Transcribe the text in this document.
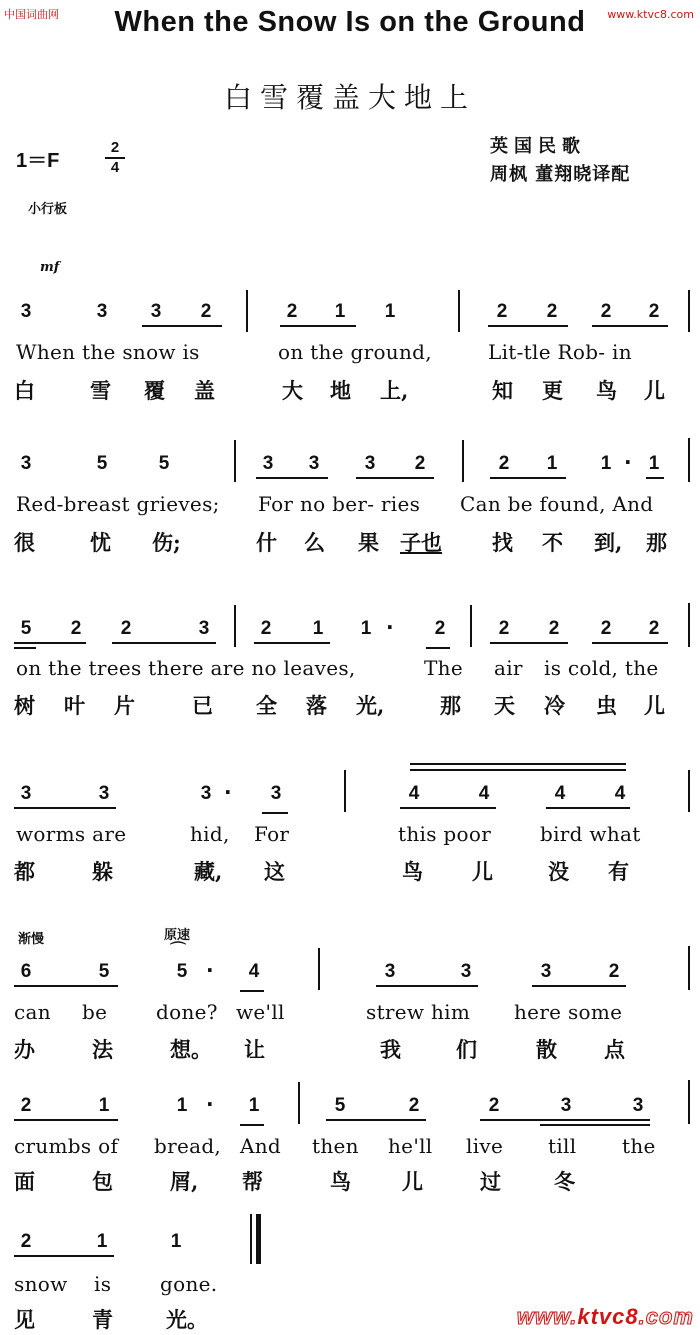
中国词曲网	www.ktvc8.com
When the Snow Is on the Ground
白雪覆盖大地上
英国民歌
周枫 董翔晓译配
1＝F
2
4
小行板
mf
3	3 3 2	2 1 1	2 2 2 2
When the snow is	on the ground,	Lit-tle Rob- in
白	雪 覆 盖	大 地 上,	知 更 鸟 儿
3	5	5	3 3 3 2	2 1 1 · 1
Red-breast grieves; For no ber- ries Can be found, And
很	忧 伤;	什 么 果 子也 找 不 到, 那
5 2 2	3	2 1 1 · 2	2 2 2 2
on the trees there are no leaves,	The air is cold, the
树 叶 片	已 全 落 光,	那 天 冷 虫 儿
3	3	3 · 3	4	4	4	4
worms are	hid, For	this poor bird what
都	躲	藏, 这	鸟 儿	没 有
渐慢	原速
⌒
6	5	5 · 4	3	3	3	2
can be done? we'll	strew him here some
办	法	想。 让	我	们	散 点
2	1	1 · 1	5	2	2	3	3
crumbs of bread, And then he'll live till the
面	包	屑, 帮	鸟 儿	过	冬
2	1	1
snow is gone.
见	青	光。	www.ktvc8.com
